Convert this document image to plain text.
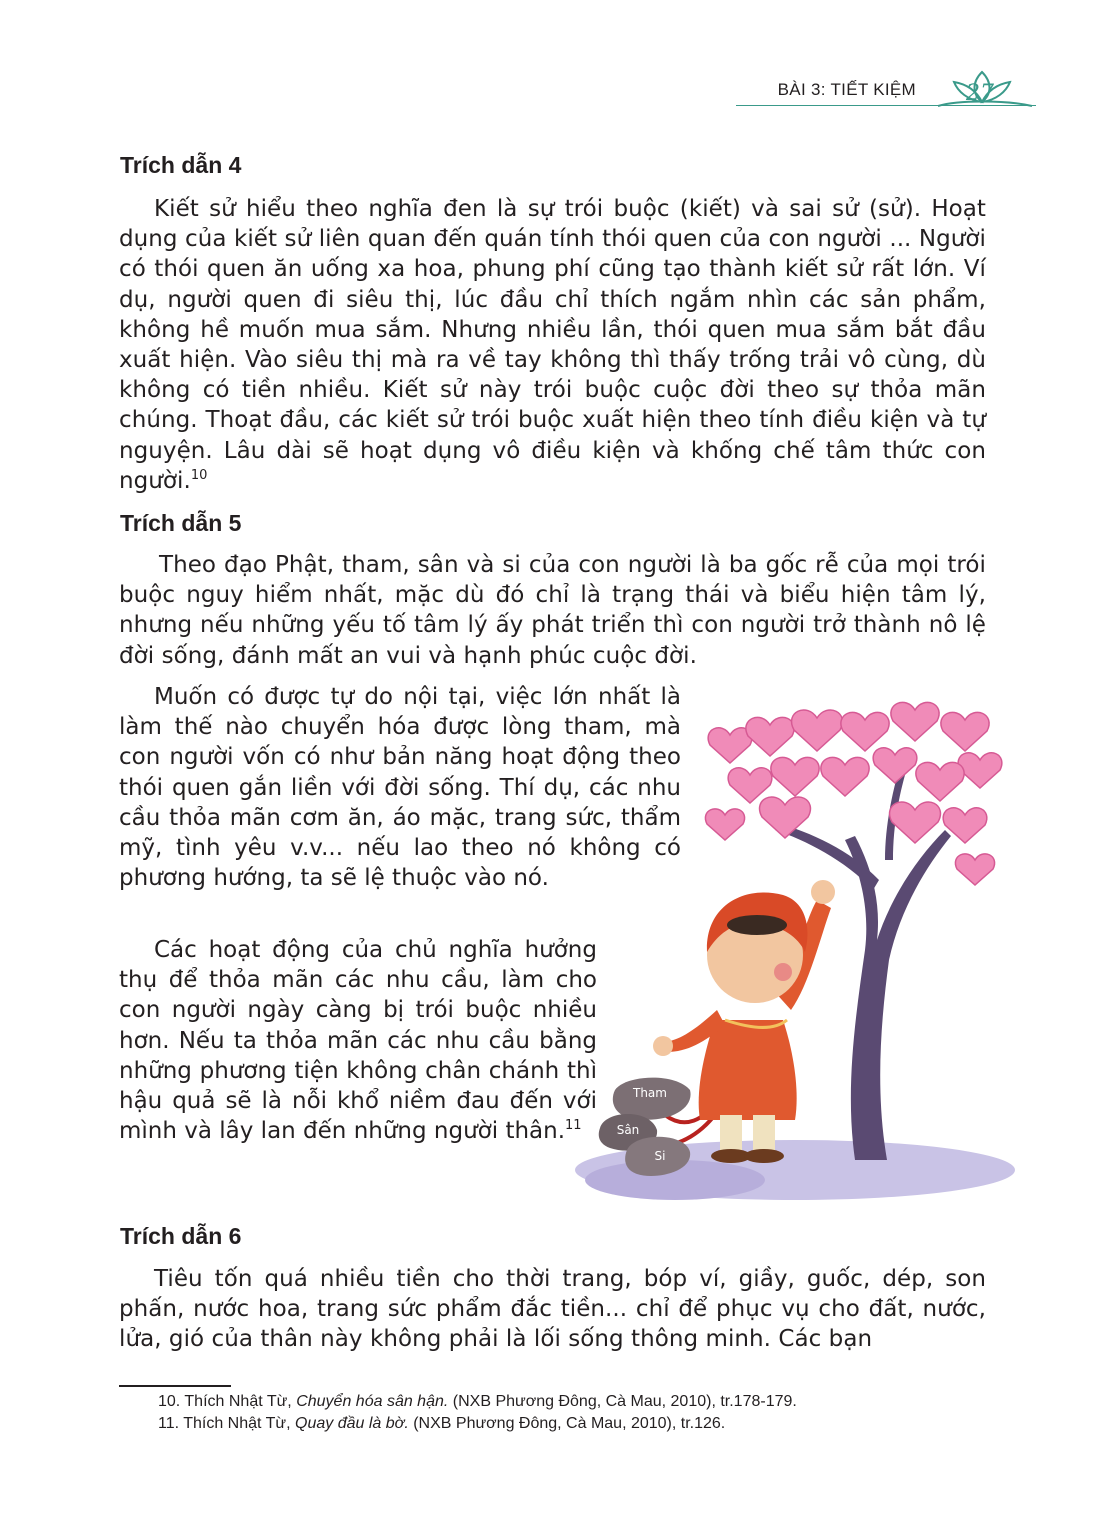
BÀI 3: TIẾT KIỆM 27
Trích dẫn 4

Kiết sử hiểu theo nghĩa đen là sự trói buộc (kiết) và sai sử (sử). Hoạt dụng của kiết sử liên quan đến quán tính thói quen của con người ... Người có thói quen ăn uống xa hoa, phung phí cũng tạo thành kiết sử rất lớn. Ví dụ, người quen đi siêu thị, lúc đầu chỉ thích ngắm nhìn các sản phẩm, không hề muốn mua sắm. Nhưng nhiều lần, thói quen mua sắm bắt đầu xuất hiện. Vào siêu thị mà ra về tay không thì thấy trống trải vô cùng, dù không có tiền nhiều. Kiết sử này trói buộc cuộc đời theo sự thỏa mãn chúng. Thoạt đầu, các kiết sử trói buộc xuất hiện theo tính điều kiện và tự nguyện. Lâu dài sẽ hoạt dụng vô điều kiện và khống chế tâm thức con người.$^{10}$

Trích dẫn 5

Theo đạo Phật, tham, sân và si của con người là ba gốc rễ của mọi trói buộc nguy hiểm nhất, mặc dù đó chỉ là trạng thái và biểu hiện tâm lý, nhưng nếu những yếu tố tâm lý ấy phát triển thì con người trở thành nô lệ đời sống, đánh mất an vui và hạnh phúc cuộc đời.

Muốn có được tự do nội tại, việc lớn nhất là làm thế nào chuyển hóa được lòng tham, mà con người vốn có như bản năng hoạt động theo thói quen gắn liền với đời sống. Thí dụ, các nhu cầu thỏa mãn cơm ăn, áo mặc, trang sức, thẩm mỹ, tình yêu v.v... nếu lao theo nó không có phương hướng, ta sẽ lệ thuộc vào nó.

Các hoạt động của chủ nghĩa hưởng thụ để thỏa mãn các nhu cầu, làm cho con người ngày càng bị trói buộc nhiều hơn. Nếu ta thỏa mãn các nhu cầu bằng những phương tiện không chân chánh thì hậu quả sẽ là nỗi khổ niềm đau đến với mình và lây lan đến những người thân.$^{11}$

Tham
Sân
Si
Trích dẫn 6

Tiêu tốn quá nhiều tiền cho thời trang, bóp ví, giầy, guốc, dép, son phấn, nước hoa, trang sức phẩm đắc tiền... chỉ để phục vụ cho đất, nước, lửa, gió của thân này không phải là lối sống thông minh. Các bạn

10. Thích Nhật Từ, Chuyển hóa sân hận. (NXB Phương Đông, Cà Mau, 2010), tr.178-179.
11. Thích Nhật Từ, Quay đầu là bờ. (NXB Phương Đông, Cà Mau, 2010), tr.126.
